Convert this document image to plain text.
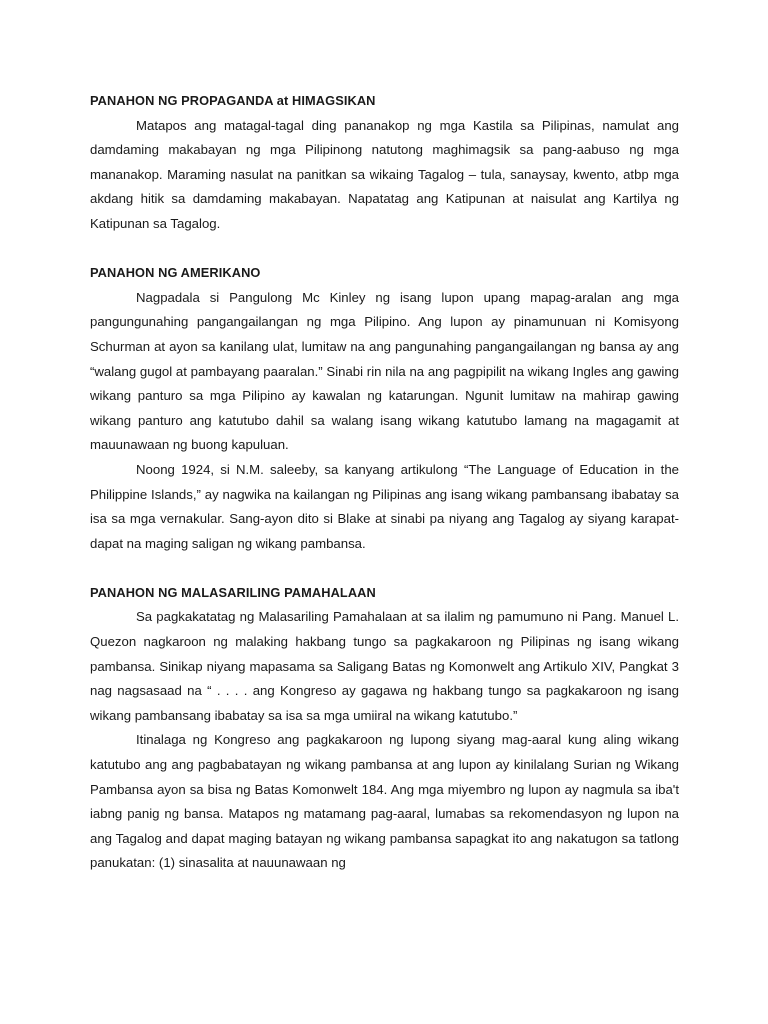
PANAHON NG PROPAGANDA at HIMAGSIKAN

Matapos ang matagal-tagal ding pananakop ng mga Kastila sa Pilipinas, namulat ang damdaming makabayan ng mga Pilipinong natutong maghimagsik sa pang-aabuso ng mga mananakop. Maraming nasulat na panitkan sa wikaing Tagalog – tula, sanaysay, kwento, atbp mga akdang hitik sa damdaming makabayan. Napatatag ang Katipunan at naisulat ang Kartilya ng Katipunan sa Tagalog.

PANAHON NG AMERIKANO

Nagpadala si Pangulong Mc Kinley ng isang lupon upang mapag-aralan ang mga pangungunahing pangangailangan ng mga Pilipino. Ang lupon ay pinamunuan ni Komisyong Schurman at ayon sa kanilang ulat, lumitaw na ang pangunahing pangangailangan ng bansa ay ang “walang gugol at pambayang paaralan.” Sinabi rin nila na ang pagpipilit na wikang Ingles ang gawing wikang panturo sa mga Pilipino ay kawalan ng katarungan. Ngunit lumitaw na mahirap gawing wikang panturo ang katutubo dahil sa walang isang wikang katutubo lamang na magagamit at mauunawaan ng buong kapuluan.

Noong 1924, si N.M. saleeby, sa kanyang artikulong “The Language of Education in the Philippine Islands,” ay nagwika na kailangan ng Pilipinas ang isang wikang pambansang ibabatay sa isa sa mga vernakular. Sang-ayon dito si Blake at sinabi pa niyang ang Tagalog ay siyang karapat-dapat na maging saligan ng wikang pambansa.

PANAHON NG MALASARILING PAMAHALAAN

Sa pagkakatatag ng Malasariling Pamahalaan at sa ilalim ng pamumuno ni Pang. Manuel L. Quezon nagkaroon ng malaking hakbang tungo sa pagkakaroon ng Pilipinas ng isang wikang pambansa. Sinikap niyang mapasama sa Saligang Batas ng Komonwelt ang Artikulo XIV, Pangkat 3 nag nagsasaad na “ . . . . ang Kongreso ay gagawa ng hakbang tungo sa pagkakaroon ng isang wikang pambansang ibabatay sa isa sa mga umiiral na wikang katutubo.”

Itinalaga ng Kongreso ang pagkakaroon ng lupong siyang mag-aaral kung aling wikang katutubo ang ang pagbabatayan ng wikang pambansa at ang lupon ay kinilalang Surian ng Wikang Pambansa ayon sa bisa ng Batas Komonwelt 184. Ang mga miyembro ng lupon ay nagmula sa iba't iabng panig ng bansa. Matapos ng matamang pag-aaral, lumabas sa rekomendasyon ng lupon na ang Tagalog and dapat maging batayan ng wikang pambansa sapagkat ito ang nakatugon sa tatlong panukatan: (1) sinasalita at nauunawaan ng
